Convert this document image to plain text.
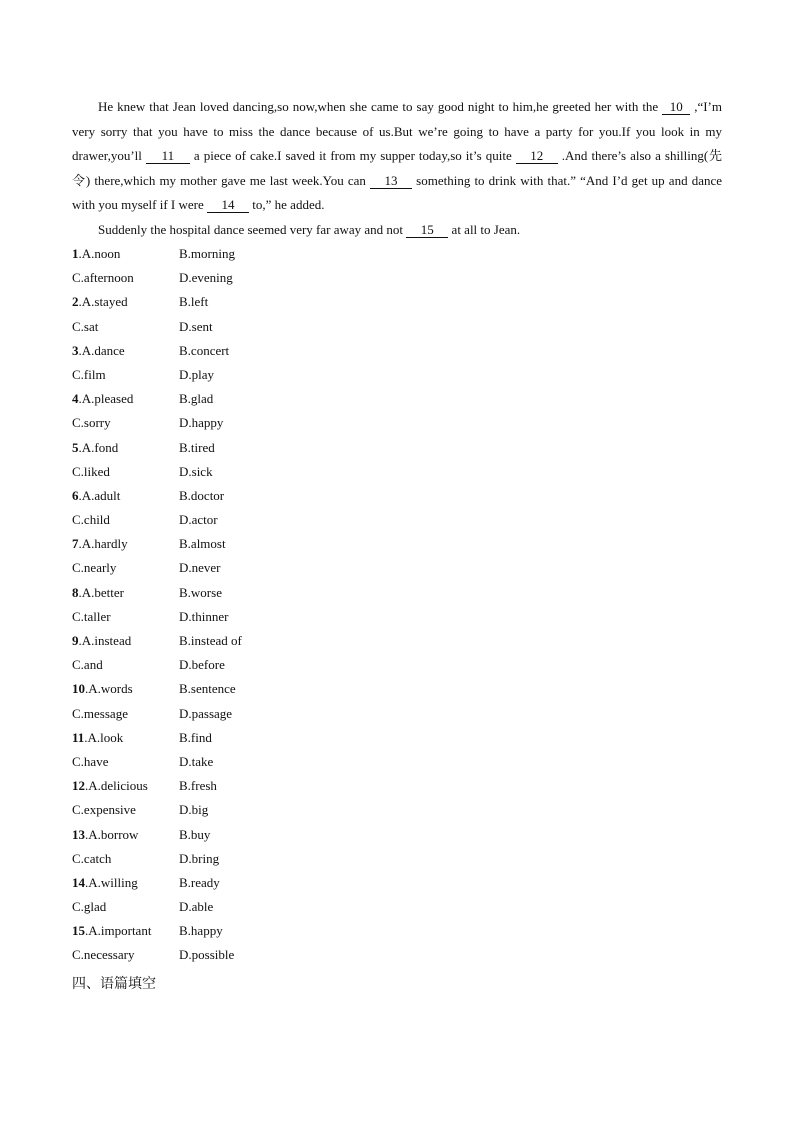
He knew that Jean loved dancing,so now,when she came to say good night to him,he greeted her with the 10 ,“I’m very sorry that you have to miss the dance because of us.But we’re going to have a party for you.If you look in my drawer,you’ll 11 a piece of cake.I saved it from my supper today,so it’s quite 12 .And there’s also a shilling(先令) there,which my mother gave me last week.You can 13 something to drink with that.” “And I’d get up and dance with you myself if I were 14 to,” he added.

Suddenly the hospital dance seemed very far away and not 15 at all to Jean.

1.A.noon	B.morning
C.afternoon	D.evening
2.A.stayed	B.left
C.sat	D.sent
3.A.dance	B.concert
C.film	D.play
4.A.pleased	B.glad
C.sorry	D.happy
5.A.fond	B.tired
C.liked	D.sick
6.A.adult	B.doctor
C.child	D.actor
7.A.hardly	B.almost
C.nearly	D.never
8.A.better	B.worse
C.taller	D.thinner
9.A.instead	B.instead of
C.and	D.before
10.A.words	B.sentence
C.message	D.passage
11.A.look	B.find
C.have	D.take
12.A.delicious	B.fresh
C.expensive	D.big
13.A.borrow	B.buy
C.catch	D.bring
14.A.willing	B.ready
C.glad	D.able
15.A.important	B.happy
C.necessary	D.possible
四、语篇填空
